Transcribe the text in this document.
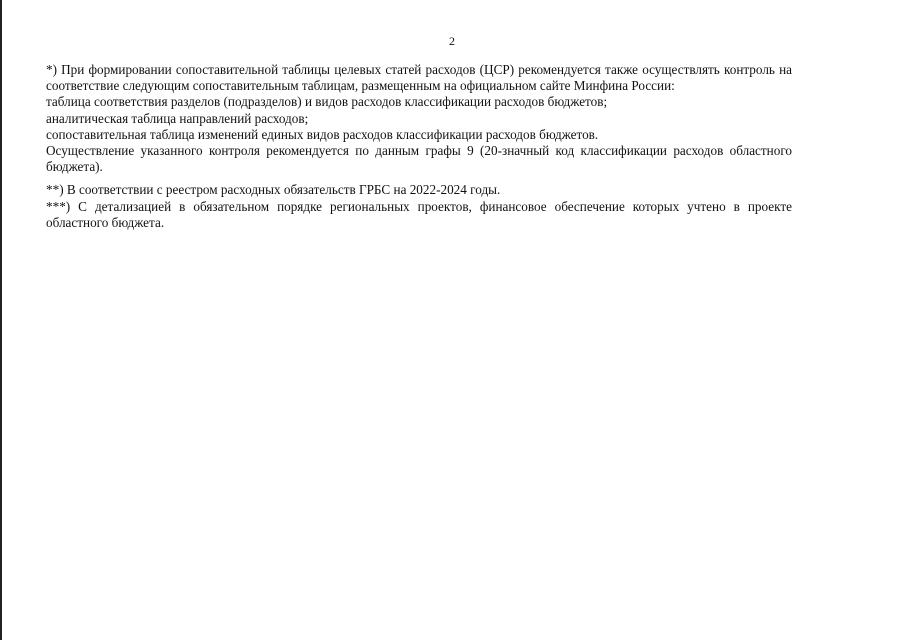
2

*) При формировании сопоставительной таблицы целевых статей расходов (ЦСР) рекомендуется также осуществлять контроль на соответствие следующим сопоставительным таблицам, размещенным на официальном сайте Минфина России:

таблица соответствия разделов (подразделов) и видов расходов классификации расходов бюджетов;

аналитическая таблица направлений расходов;

сопоставительная таблица изменений единых видов расходов классификации расходов бюджетов.

Осуществление указанного контроля рекомендуется по данным графы 9 (20-значный код классификации расходов областного бюджета).

**) В соответствии с реестром расходных обязательств ГРБС на 2022-2024 годы.

***) С детализацией в обязательном порядке региональных проектов, финансовое обеспечение которых учтено в проекте областного бюджета.
